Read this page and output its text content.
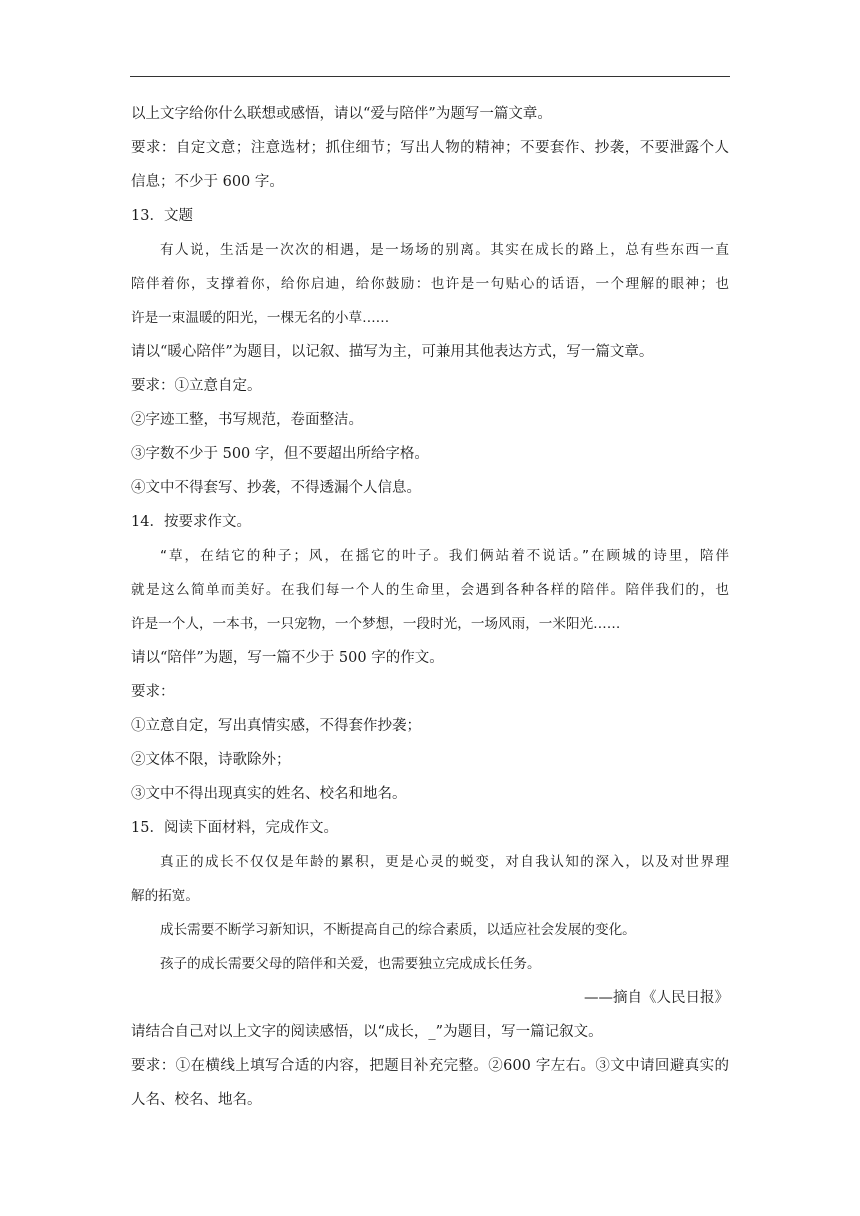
以上文字给你什么联想或感悟，请以“爱与陪伴”为题写一篇文章。
要求：自定文意；注意选材；抓住细节；写出人物的精神；不要套作、抄袭，不要泄露个人
信息；不少于 600 字。
13．文题
有人说，生活是一次次的相遇，是一场场的别离。其实在成长的路上，总有些东西一直
陪伴着你，支撑着你，给你启迪，给你鼓励：也许是一句贴心的话语，一个理解的眼神；也
许是一束温暖的阳光，一棵无名的小草……
请以“暖心陪伴”为题目，以记叙、描写为主，可兼用其他表达方式，写一篇文章。
要求：①立意自定。
②字迹工整，书写规范，卷面整洁。
③字数不少于 500 字，但不要超出所给字格。
④文中不得套写、抄袭，不得透漏个人信息。
14．按要求作文。
“草，在结它的种子；风，在摇它的叶子。我们俩站着不说话。”在顾城的诗里，陪伴
就是这么简单而美好。在我们每一个人的生命里，会遇到各种各样的陪伴。陪伴我们的，也
许是一个人，一本书，一只宠物，一个梦想，一段时光，一场风雨，一米阳光……
请以“陪伴”为题，写一篇不少于 500 字的作文。
要求：
①立意自定，写出真情实感，不得套作抄袭；
②文体不限，诗歌除外；
③文中不得出现真实的姓名、校名和地名。
15．阅读下面材料，完成作文。
真正的成长不仅仅是年龄的累积，更是心灵的蜕变，对自我认知的深入，以及对世界理
解的拓宽。
成长需要不断学习新知识，不断提高自己的综合素质，以适应社会发展的变化。
孩子的成长需要父母的陪伴和关爱，也需要独立完成成长任务。
——摘自《人民日报》
请结合自己对以上文字的阅读感悟，以“成长，_”为题目，写一篇记叙文。
要求：①在横线上填写合适的内容，把题目补充完整。②600 字左右。③文中请回避真实的
人名、校名、地名。
